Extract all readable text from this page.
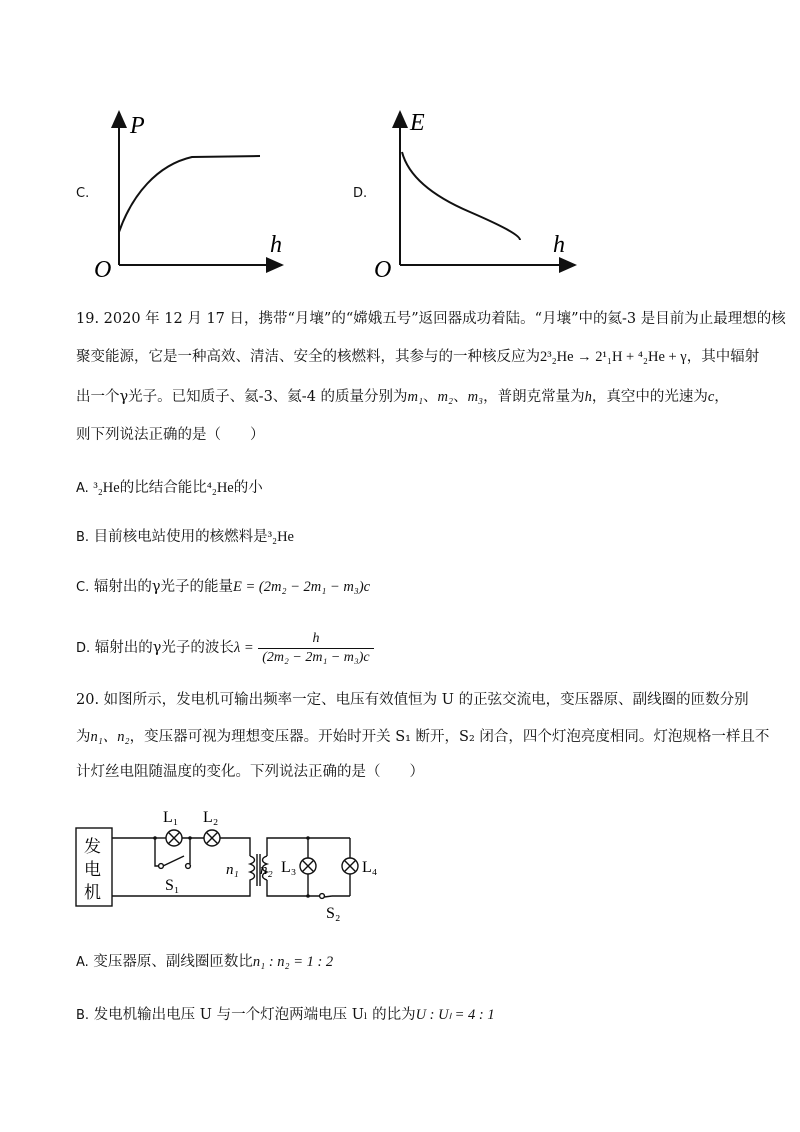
C.
P
h
O
D.
E
h
O
19. 2020 年 12 月 17 日，携带“月壤”的“嫦娥五号”返回器成功着陆。“月壤”中的氦-3 是目前为止最理想的核
聚变能源，它是一种高效、清洁、安全的核燃料，其参与的一种核反应为2³₂He → 2¹₁H + ⁴₂He + γ，其中辐射
出一个γ光子。已知质子、氦-3、氦-4 的质量分别为m₁、m₂、m₃，普朗克常量为h，真空中的光速为c，
则下列说法正确的是（　　）
A. ³₂He的比结合能比⁴₂He的小
B. 目前核电站使用的核燃料是³₂He
C. 辐射出的γ光子的能量E = (2m₂ − 2m₁ − m₃)c
D. 辐射出的γ光子的波长$\lambda = \frac{h}{\text{(2m₂ − 2m₁ − m₃)c}}$
20. 如图所示，发电机可输出频率一定、电压有效值恒为 U 的正弦交流电，变压器原、副线圈的匝数分别
为n₁、n₂，变压器可视为理想变压器。开始时开关 S₁ 断开，S₂ 闭合，四个灯泡亮度相同。灯泡规格一样且不
计灯丝电阻随温度的变化。下列说法正确的是（　　）
发
电
机
L₁ L₂
S₁
n₁ n₂ L₃	L₄
S₂
A. 变压器原、副线圈匝数比n₁ : n₂ = 1 : 2
B. 发电机输出电压 U 与一个灯泡两端电压 Uₗ 的比为U : Uₗ = 4 : 1
